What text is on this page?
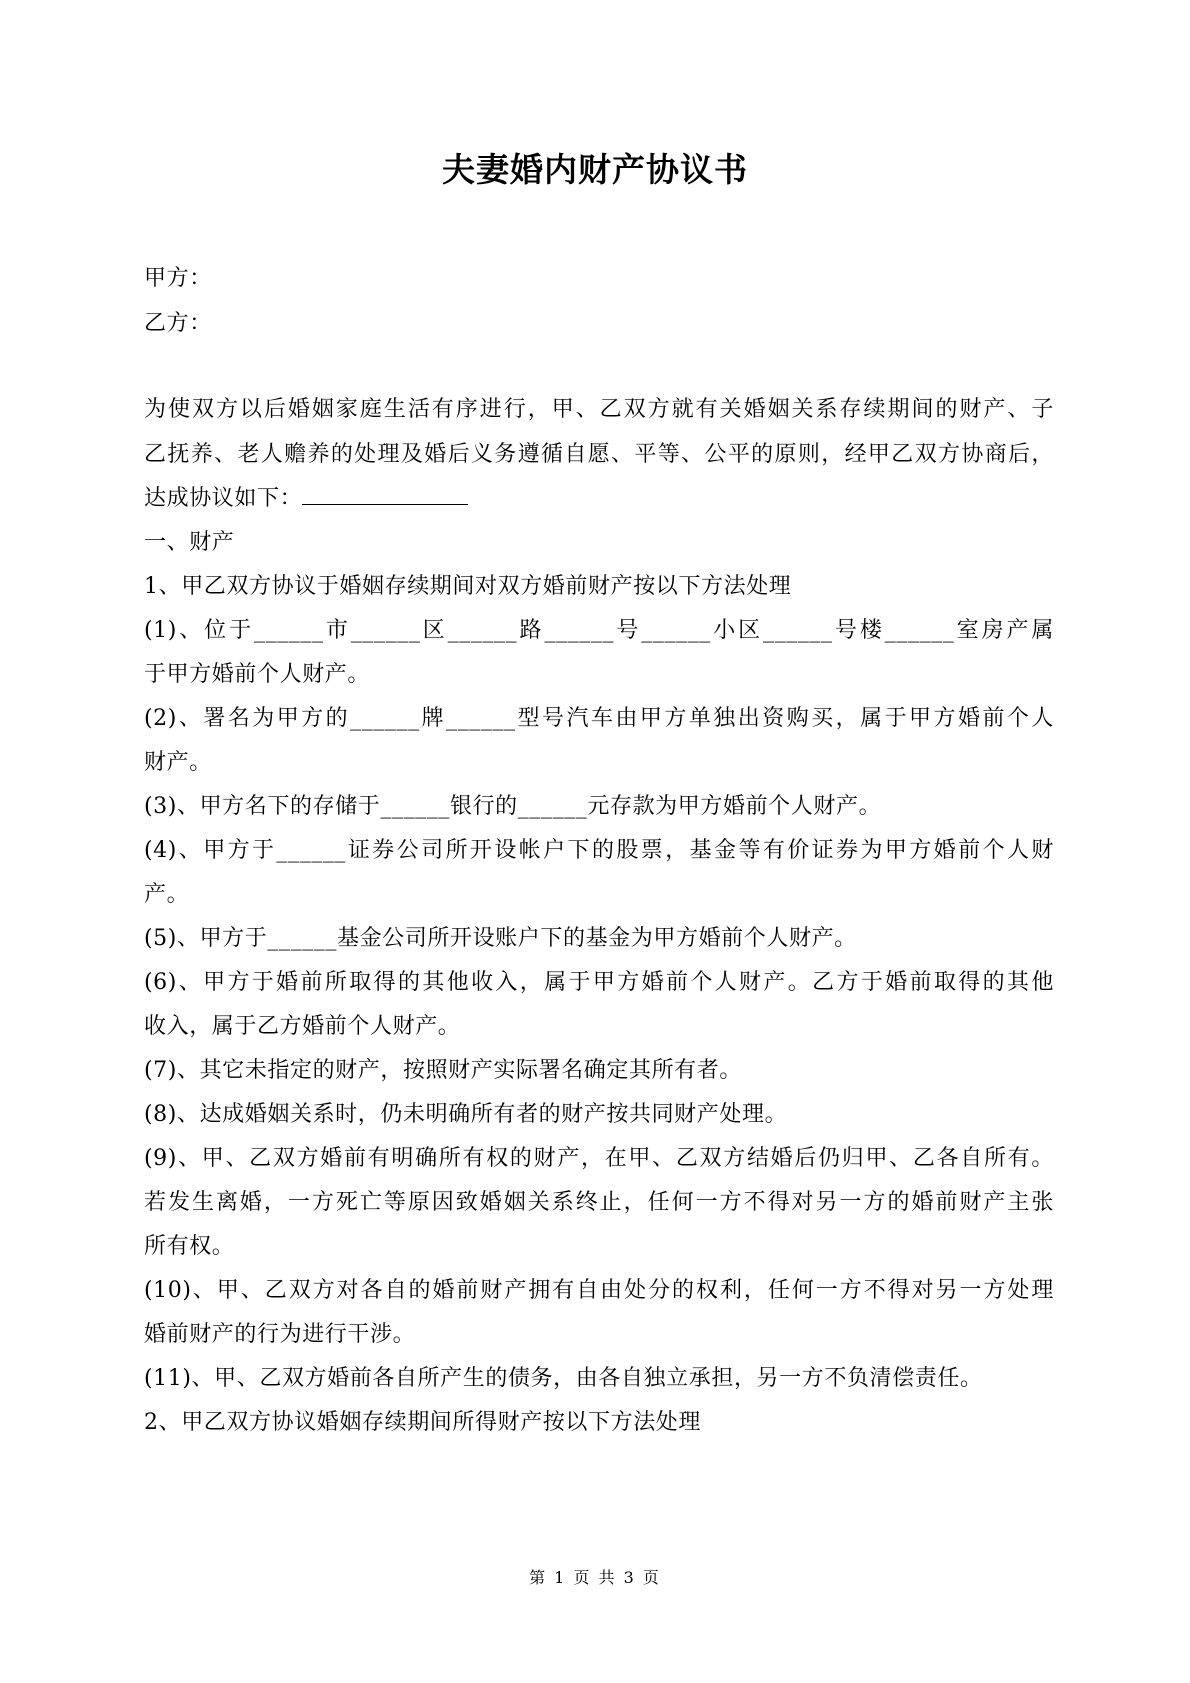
夫妻婚内财产协议书
甲方：
乙方：
为使双方以后婚姻家庭生活有序进行，甲、乙双方就有关婚姻关系存续期间的财产、子
乙抚养、老人赡养的处理及婚后义务遵循自愿、平等、公平的原则，经甲乙双方协商后，
达成协议如下：
一、财产
1、甲乙双方协议于婚姻存续期间对双方婚前财产按以下方法处理
(1)、位于______市______区______路______号______小区______号楼______室房产属
于甲方婚前个人财产。
(2)、署名为甲方的______牌______型号汽车由甲方单独出资购买，属于甲方婚前个人
财产。
(3)、甲方名下的存储于______银行的______元存款为甲方婚前个人财产。
(4)、甲方于______证券公司所开设帐户下的股票，基金等有价证券为甲方婚前个人财
产。
(5)、甲方于______基金公司所开设账户下的基金为甲方婚前个人财产。
(6)、甲方于婚前所取得的其他收入，属于甲方婚前个人财产。乙方于婚前取得的其他
收入，属于乙方婚前个人财产。
(7)、其它未指定的财产，按照财产实际署名确定其所有者。
(8)、达成婚姻关系时，仍未明确所有者的财产按共同财产处理。
(9)、甲、乙双方婚前有明确所有权的财产，在甲、乙双方结婚后仍归甲、乙各自所有。
若发生离婚，一方死亡等原因致婚姻关系终止，任何一方不得对另一方的婚前财产主张
所有权。
(10)、甲、乙双方对各自的婚前财产拥有自由处分的权利，任何一方不得对另一方处理
婚前财产的行为进行干涉。
(11)、甲、乙双方婚前各自所产生的债务，由各自独立承担，另一方不负清偿责任。
2、甲乙双方协议婚姻存续期间所得财产按以下方法处理
第 1 页 共 3 页
